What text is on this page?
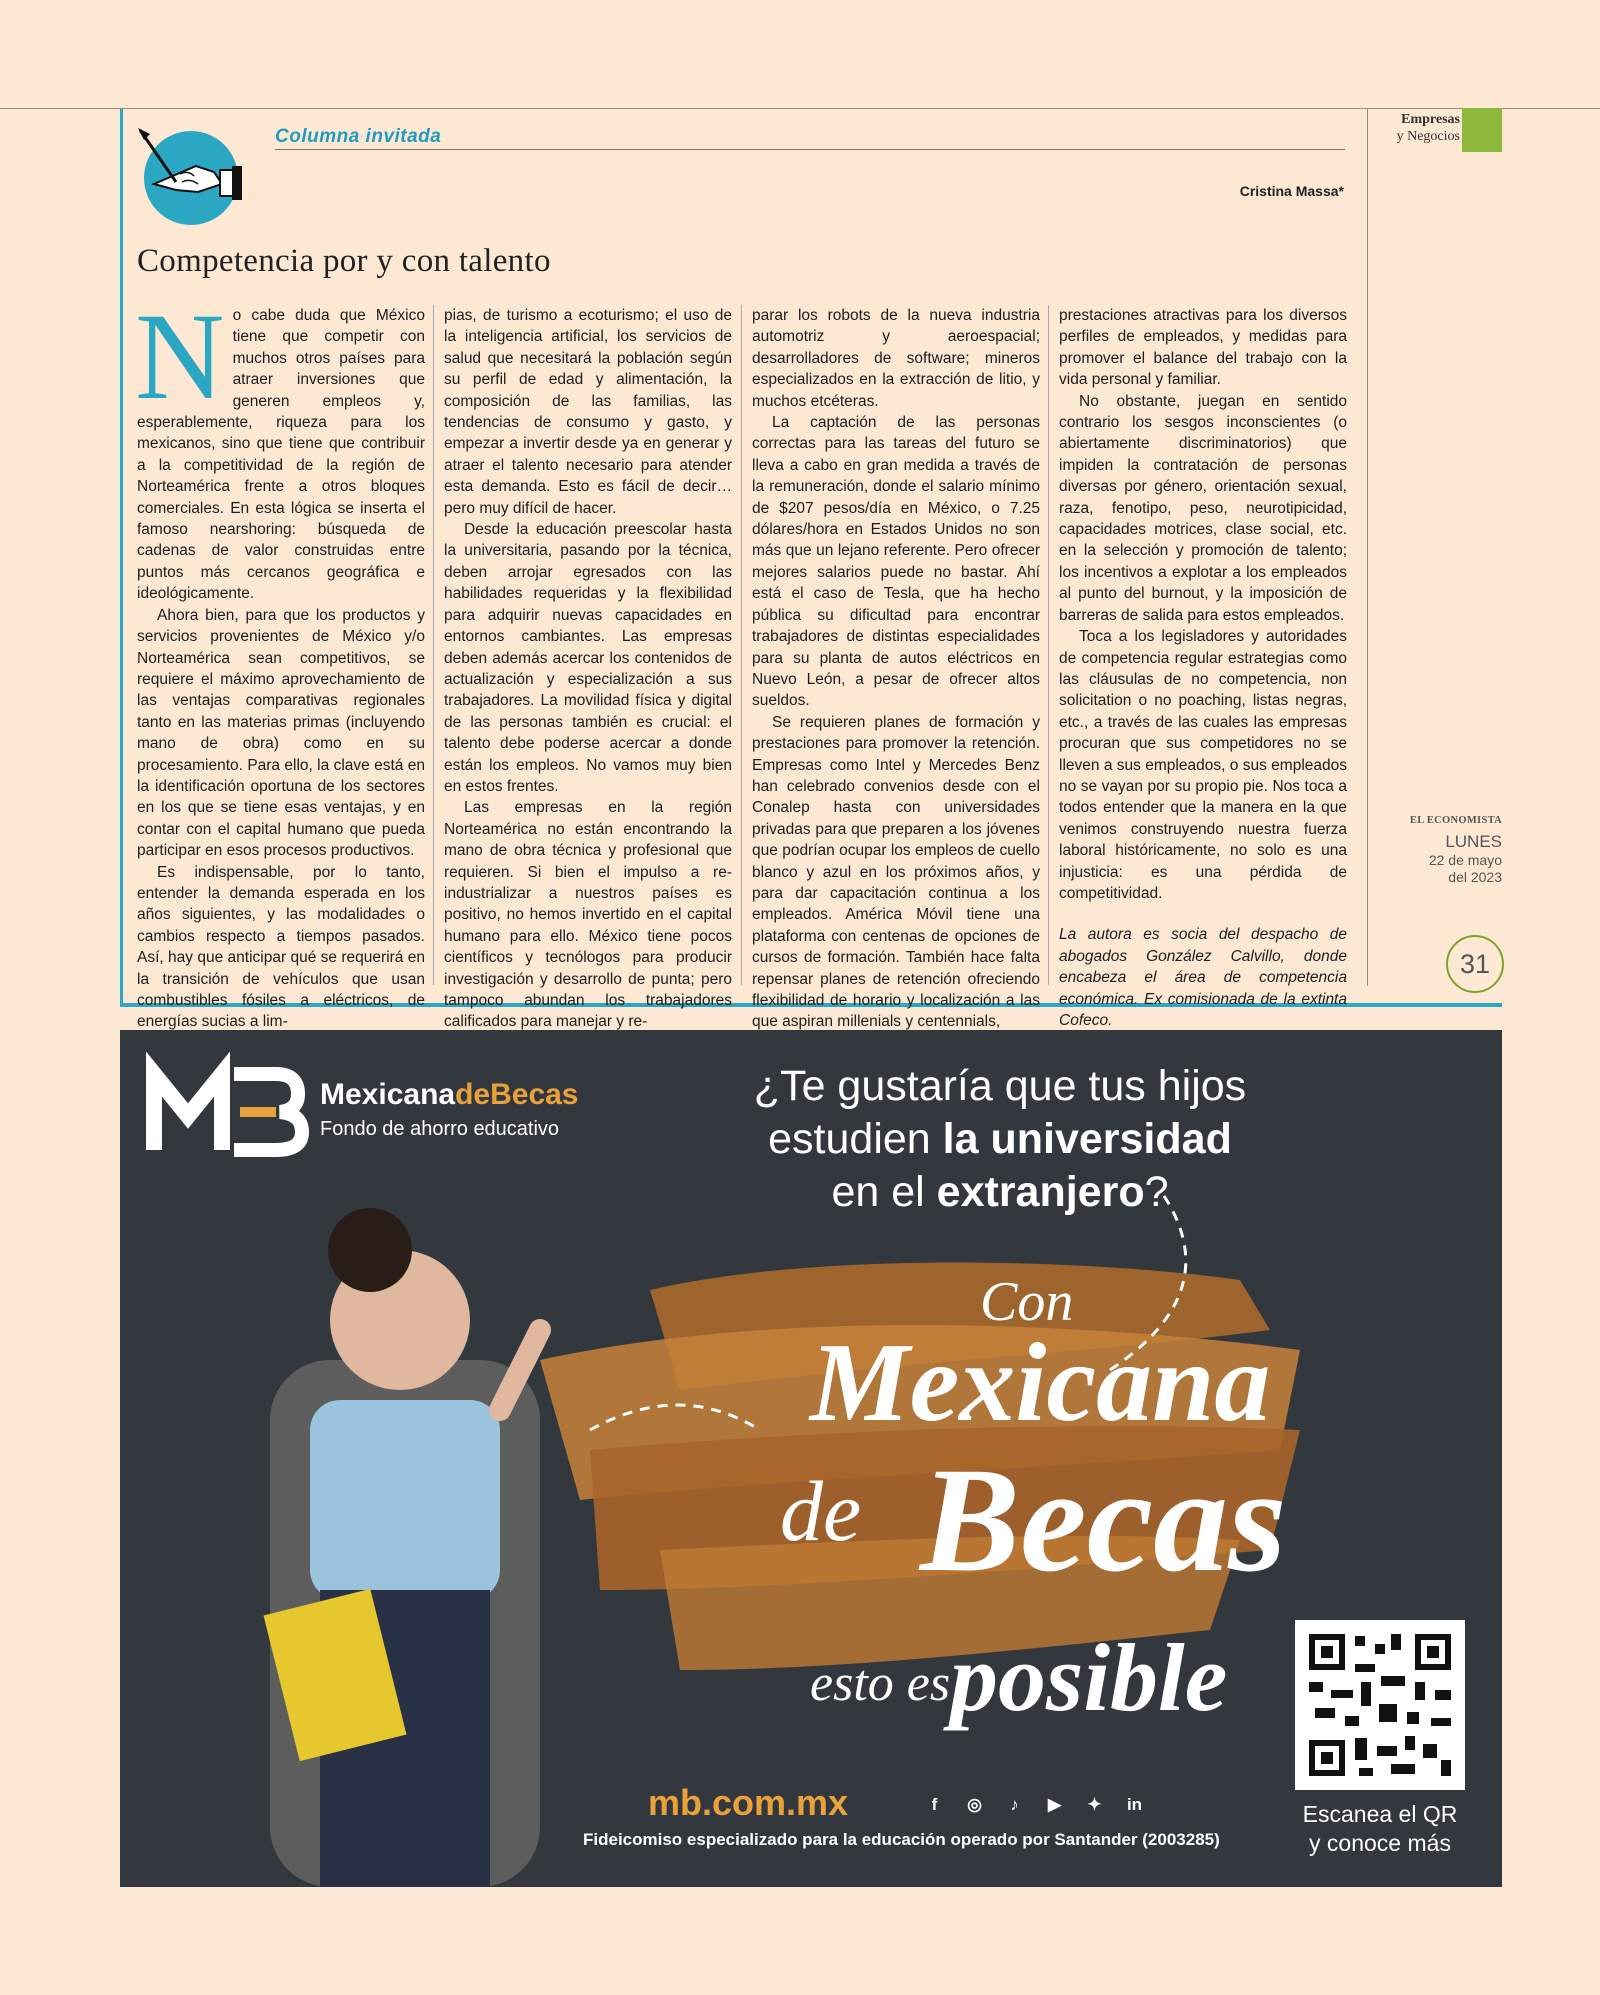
Empresas
y Negocios
Columna invitada
Cristina Massa*
Competencia por y con talento

No cabe duda que México tiene que competir con muchos otros países para atraer inversiones que generen empleos y, esperablemente, riqueza para los mexicanos, sino que tiene que contribuir a la competitividad de la región de Norteamérica frente a otros bloques comerciales. En esta lógica se inserta el famoso nearshoring: búsqueda de cadenas de valor construidas entre puntos más cercanos geográfica e ideológicamente.

Ahora bien, para que los productos y servicios provenientes de México y/o Norteamérica sean competitivos, se requiere el máximo aprovechamiento de las ventajas comparativas regionales tanto en las materias primas (incluyendo mano de obra) como en su procesamiento. Para ello, la clave está en la identificación oportuna de los sectores en los que se tiene esas ventajas, y en contar con el capital humano que pueda participar en esos procesos productivos.

Es indispensable, por lo tanto, entender la demanda esperada en los años siguientes, y las modalidades o cambios respecto a tiempos pasados. Así, hay que anticipar qué se requerirá en la transición de vehículos que usan combustibles fósiles a eléctricos, de energías sucias a lim-

pias, de turismo a ecoturismo; el uso de la inteligencia artificial, los servicios de salud que necesitará la población según su perfil de edad y alimentación, la composición de las familias, las tendencias de consumo y gasto, y empezar a invertir desde ya en generar y atraer el talento necesario para atender esta demanda. Esto es fácil de decir… pero muy difícil de hacer.

Desde la educación preescolar hasta la universitaria, pasando por la técnica, deben arrojar egresados con las habilidades requeridas y la flexibilidad para adquirir nuevas capacidades en entornos cambiantes. Las empresas deben además acercar los contenidos de actualización y especialización a sus trabajadores. La movilidad física y digital de las personas también es crucial: el talento debe poderse acercar a donde están los empleos. No vamos muy bien en estos frentes.

Las empresas en la región Norteamérica no están encontrando la mano de obra técnica y profesional que requieren. Si bien el impulso a re-industrializar a nuestros países es positivo, no hemos invertido en el capital humano para ello. México tiene pocos científicos y tecnólogos para producir investigación y desarrollo de punta; pero tampoco abundan los trabajadores calificados para manejar y re-

parar los robots de la nueva industria automotriz y aeroespacial; desarrolladores de software; mineros especializados en la extracción de litio, y muchos etcéteras.

La captación de las personas correctas para las tareas del futuro se lleva a cabo en gran medida a través de la remuneración, donde el salario mínimo de $207 pesos/día en México, o 7.25 dólares/hora en Estados Unidos no son más que un lejano referente. Pero ofrecer mejores salarios puede no bastar. Ahí está el caso de Tesla, que ha hecho pública su dificultad para encontrar trabajadores de distintas especialidades para su planta de autos eléctricos en Nuevo León, a pesar de ofrecer altos sueldos.

Se requieren planes de formación y prestaciones para promover la retención. Empresas como Intel y Mercedes Benz han celebrado convenios desde con el Conalep hasta con universidades privadas para que preparen a los jóvenes que podrían ocupar los empleos de cuello blanco y azul en los próximos años, y para dar capacitación continua a los empleados. América Móvil tiene una plataforma con centenas de opciones de cursos de formación. También hace falta repensar planes de retención ofreciendo flexibilidad de horario y localización a las que aspiran millenials y centennials,

prestaciones atractivas para los diversos perfiles de empleados, y medidas para promover el balance del trabajo con la vida personal y familiar.

No obstante, juegan en sentido contrario los sesgos inconscientes (o abiertamente discriminatorios) que impiden la contratación de personas diversas por género, orientación sexual, raza, fenotipo, peso, neurotipicidad, capacidades motrices, clase social, etc. en la selección y promoción de talento; los incentivos a explotar a los empleados al punto del burnout, y la imposición de barreras de salida para estos empleados.

Toca a los legisladores y autoridades de competencia regular estrategias como las cláusulas de no competencia, non solicitation o no poaching, listas negras, etc., a través de las cuales las empresas procuran que sus competidores no se lleven a sus empleados, o sus empleados no se vayan por su propio pie. Nos toca a todos entender que la manera en la que venimos construyendo nuestra fuerza laboral históricamente, no solo es una injusticia: es una pérdida de competitividad.

La autora es socia del despacho de abogados González Calvillo, donde encabeza el área de competencia económica. Ex comisionada de la extinta Cofeco.

EL ECONOMISTA
LUNES
22 de mayo
del 2023
31
MexicanadeBecas
Fondo de ahorro educativo
¿Te gustaría que tus hijos
estudien la universidad
en el extranjero?
Con
Mexicana
de Becas
esto es posible
mb.com.mx	f	◎	♪	▶	✦	in
Fideicomiso especializado para la educación operado por Santander (2003285)
Escanea el QR
y conoce más
